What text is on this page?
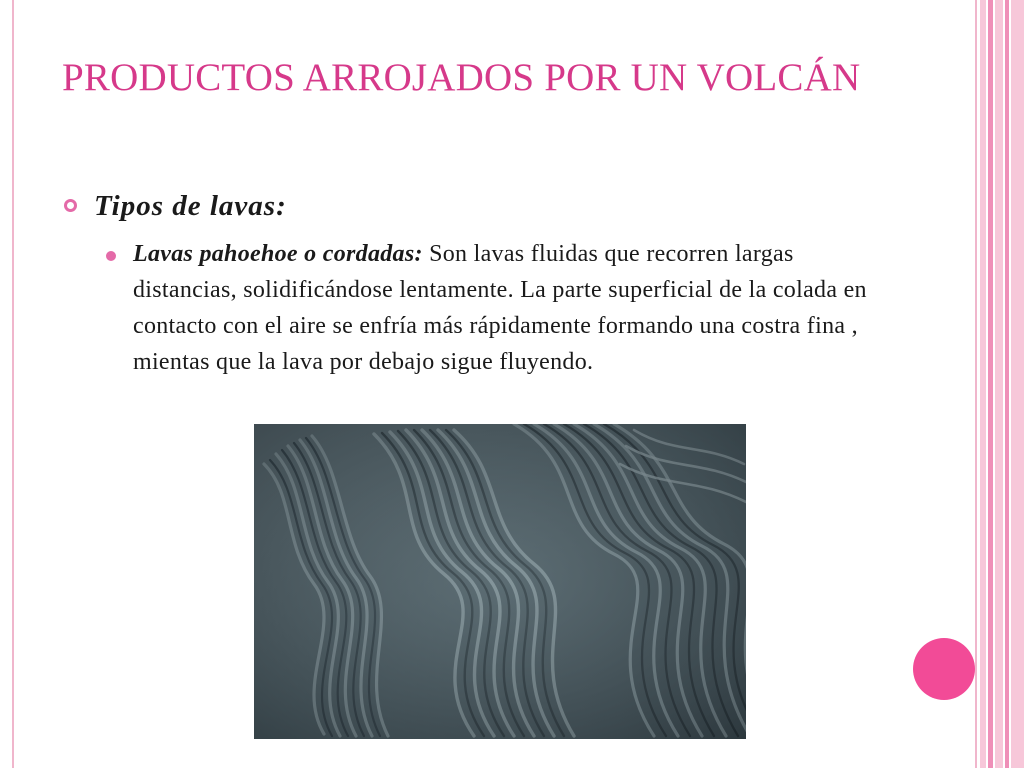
PRODUCTOS ARROJADOS POR UN VOLCÁN
Tipos de lavas:

Lavas pahoehoe o cordadas: Son lavas fluidas que recorren largas distancias, solidificándose lentamente. La parte superficial de la colada en contacto con el aire se enfría más rápidamente formando una costra fina , mientas que la lava por debajo sigue fluyendo.
